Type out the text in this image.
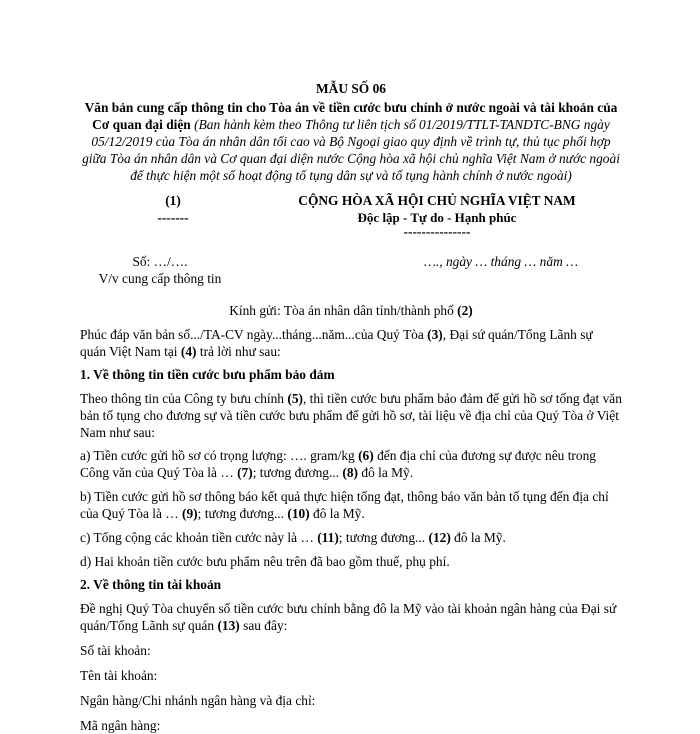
MẪU SỐ 06
Văn bản cung cấp thông tin cho Tòa án về tiền cước bưu chính ở nước ngoài và tài khoản của Cơ quan đại diện (Ban hành kèm theo Thông tư liên tịch số 01/2019/TTLT-TANDTC-BNG ngày 05/12/2019 của Tòa án nhân dân tối cao và Bộ Ngoại giao quy định về trình tự, thủ tục phối hợp giữa Tòa án nhân dân và Cơ quan đại diện nước Cộng hòa xã hội chủ nghĩa Việt Nam ở nước ngoài để thực hiện một số hoạt động tố tụng dân sự và tố tụng hành chính ở nước ngoài)
(1)
-------
CỘNG HÒA XÃ HỘI CHỦ NGHĨA VIỆT NAM
Độc lập - Tự do - Hạnh phúc
---------------
Số: …/….
V/v cung cấp thông tin
…., ngày … tháng … năm …
Kính gửi: Tòa án nhân dân tỉnh/thành phố (2)

Phúc đáp văn bản số.../TA-CV ngày...tháng...năm...của Quý Tòa (3), Đại sứ quán/Tổng Lãnh sự quán Việt Nam tại (4) trả lời như sau:

1. Về thông tin tiền cước bưu phẩm bảo đảm

Theo thông tin của Công ty bưu chính (5), thì tiền cước bưu phẩm bảo đảm để gửi hồ sơ tống đạt văn bản tố tụng cho đương sự và tiền cước bưu phẩm để gửi hồ sơ, tài liệu về địa chỉ của Quý Tòa ở Việt Nam như sau:

a) Tiền cước gửi hồ sơ có trọng lượng: …. gram/kg (6) đến địa chỉ của đương sự được nêu trong Công văn của Quý Tòa là … (7); tương đương... (8) đô la Mỹ.

b) Tiền cước gửi hồ sơ thông báo kết quả thực hiện tống đạt, thông báo văn bản tố tụng đến địa chỉ của Quý Tòa là … (9); tương đương... (10) đô la Mỹ.

c) Tổng cộng các khoản tiền cước này là … (11); tương đương... (12) đô la Mỹ.

d) Hai khoản tiền cước bưu phẩm nêu trên đã bao gồm thuế, phụ phí.

2. Về thông tin tài khoản

Đề nghị Quý Tòa chuyển số tiền cước bưu chính bằng đô la Mỹ vào tài khoản ngân hàng của Đại sứ quán/Tổng Lãnh sự quán (13) sau đây:

Số tài khoản:

Tên tài khoản:

Ngân hàng/Chi nhánh ngân hàng và địa chỉ:

Mã ngân hàng:
